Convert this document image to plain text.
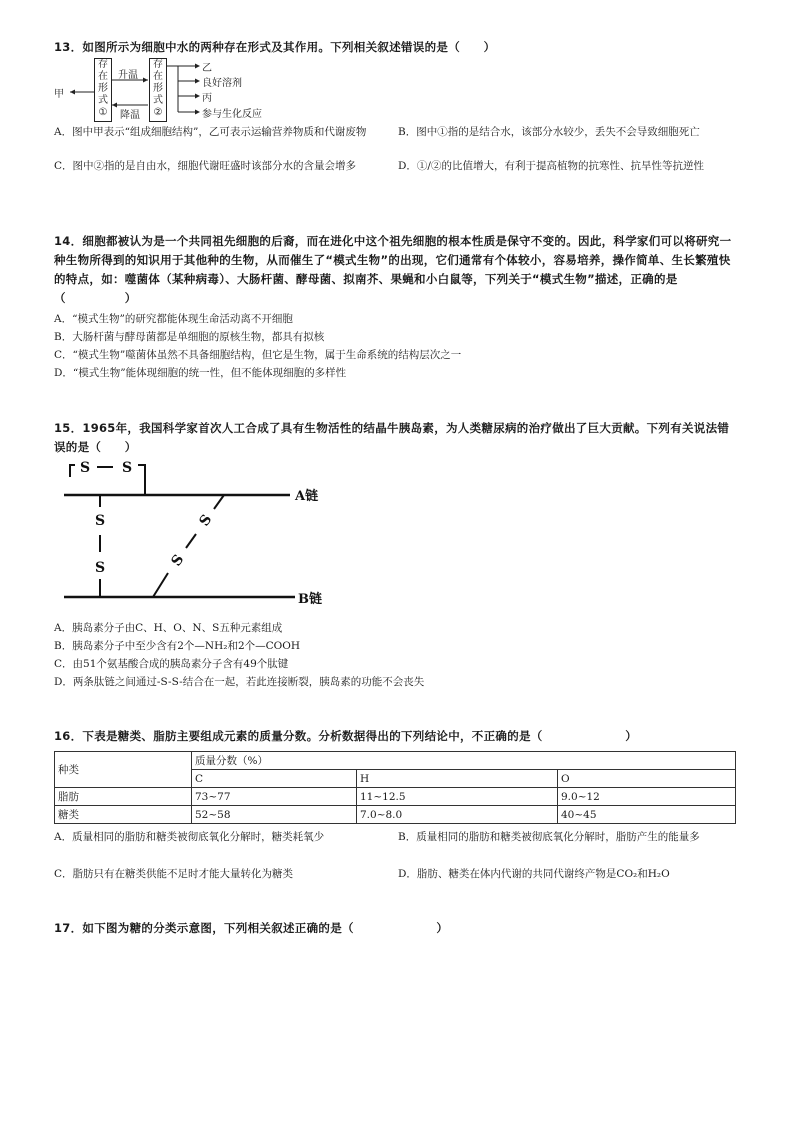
13．如图所示为细胞中水的两种存在形式及其作用。下列相关叙述错误的是（　　）
甲
存
在
形
式
①
存
在
形
式
②
升温
降温
乙
良好溶剂
丙
参与生化反应
A．图中甲表示“组成细胞结构”，乙可表示运输营养物质和代谢废物	B．图中①指的是结合水，该部分水较少，丢失不会导致细胞死亡
C．图中②指的是自由水，细胞代谢旺盛时该部分水的含量会增多	D．①/②的比值增大，有利于提高植物的抗寒性、抗旱性等抗逆性
14．细胞都被认为是一个共同祖先细胞的后裔，而在进化中这个祖先细胞的根本性质是保守不变的。因此，科学家们可以将研究一种生物所得到的知识用于其他种的生物，从而催生了“模式生物”的出现，它们通常有个体较小，容易培养，操作简单、生长繁殖快的特点，如：噬菌体（某种病毒）、大肠杆菌、酵母菌、拟南芥、果蝇和小白鼠等，下列关于“模式生物”描述，正确的是（　　　　　）
A．“模式生物”的研究都能体现生命活动离不开细胞
B．大肠杆菌与酵母菌都是单细胞的原核生物，都具有拟核
C．“模式生物”噬菌体虽然不具备细胞结构，但它是生物，属于生命系统的结构层次之一
D．“模式生物”能体现细胞的统一性，但不能体现细胞的多样性
15．1965年，我国科学家首次人工合成了具有生物活性的结晶牛胰岛素，为人类糖尿病的治疗做出了巨大贡献。下列有关说法错误的是（　　）
S S
S
S
S
S
A链
B链
A．胰岛素分子由C、H、O、N、S五种元素组成
B．胰岛素分子中至少含有2个—NH₂和2个—COOH
C．由51个氨基酸合成的胰岛素分子含有49个肽键
D．两条肽链之间通过-S-S-结合在一起，若此连接断裂，胰岛素的功能不会丧失
16．下表是糖类、脂肪主要组成元素的质量分数。分析数据得出的下列结论中，不正确的是（　　　　　　　）
种类	质量分数（%）		
	C	H	O
脂肪	73~77	11~12.5	9.0~12
糖类	52~58	7.0~8.0	40~45
A．质量相同的脂肪和糖类被彻底氧化分解时，糖类耗氧少	B．质量相同的脂肪和糖类被彻底氧化分解时，脂肪产生的能量多
C．脂肪只有在糖类供能不足时才能大量转化为糖类	D．脂肪、糖类在体内代谢的共同代谢终产物是CO₂和H₂O
17．如下图为糖的分类示意图，下列相关叙述正确的是（　　　　　　　）
